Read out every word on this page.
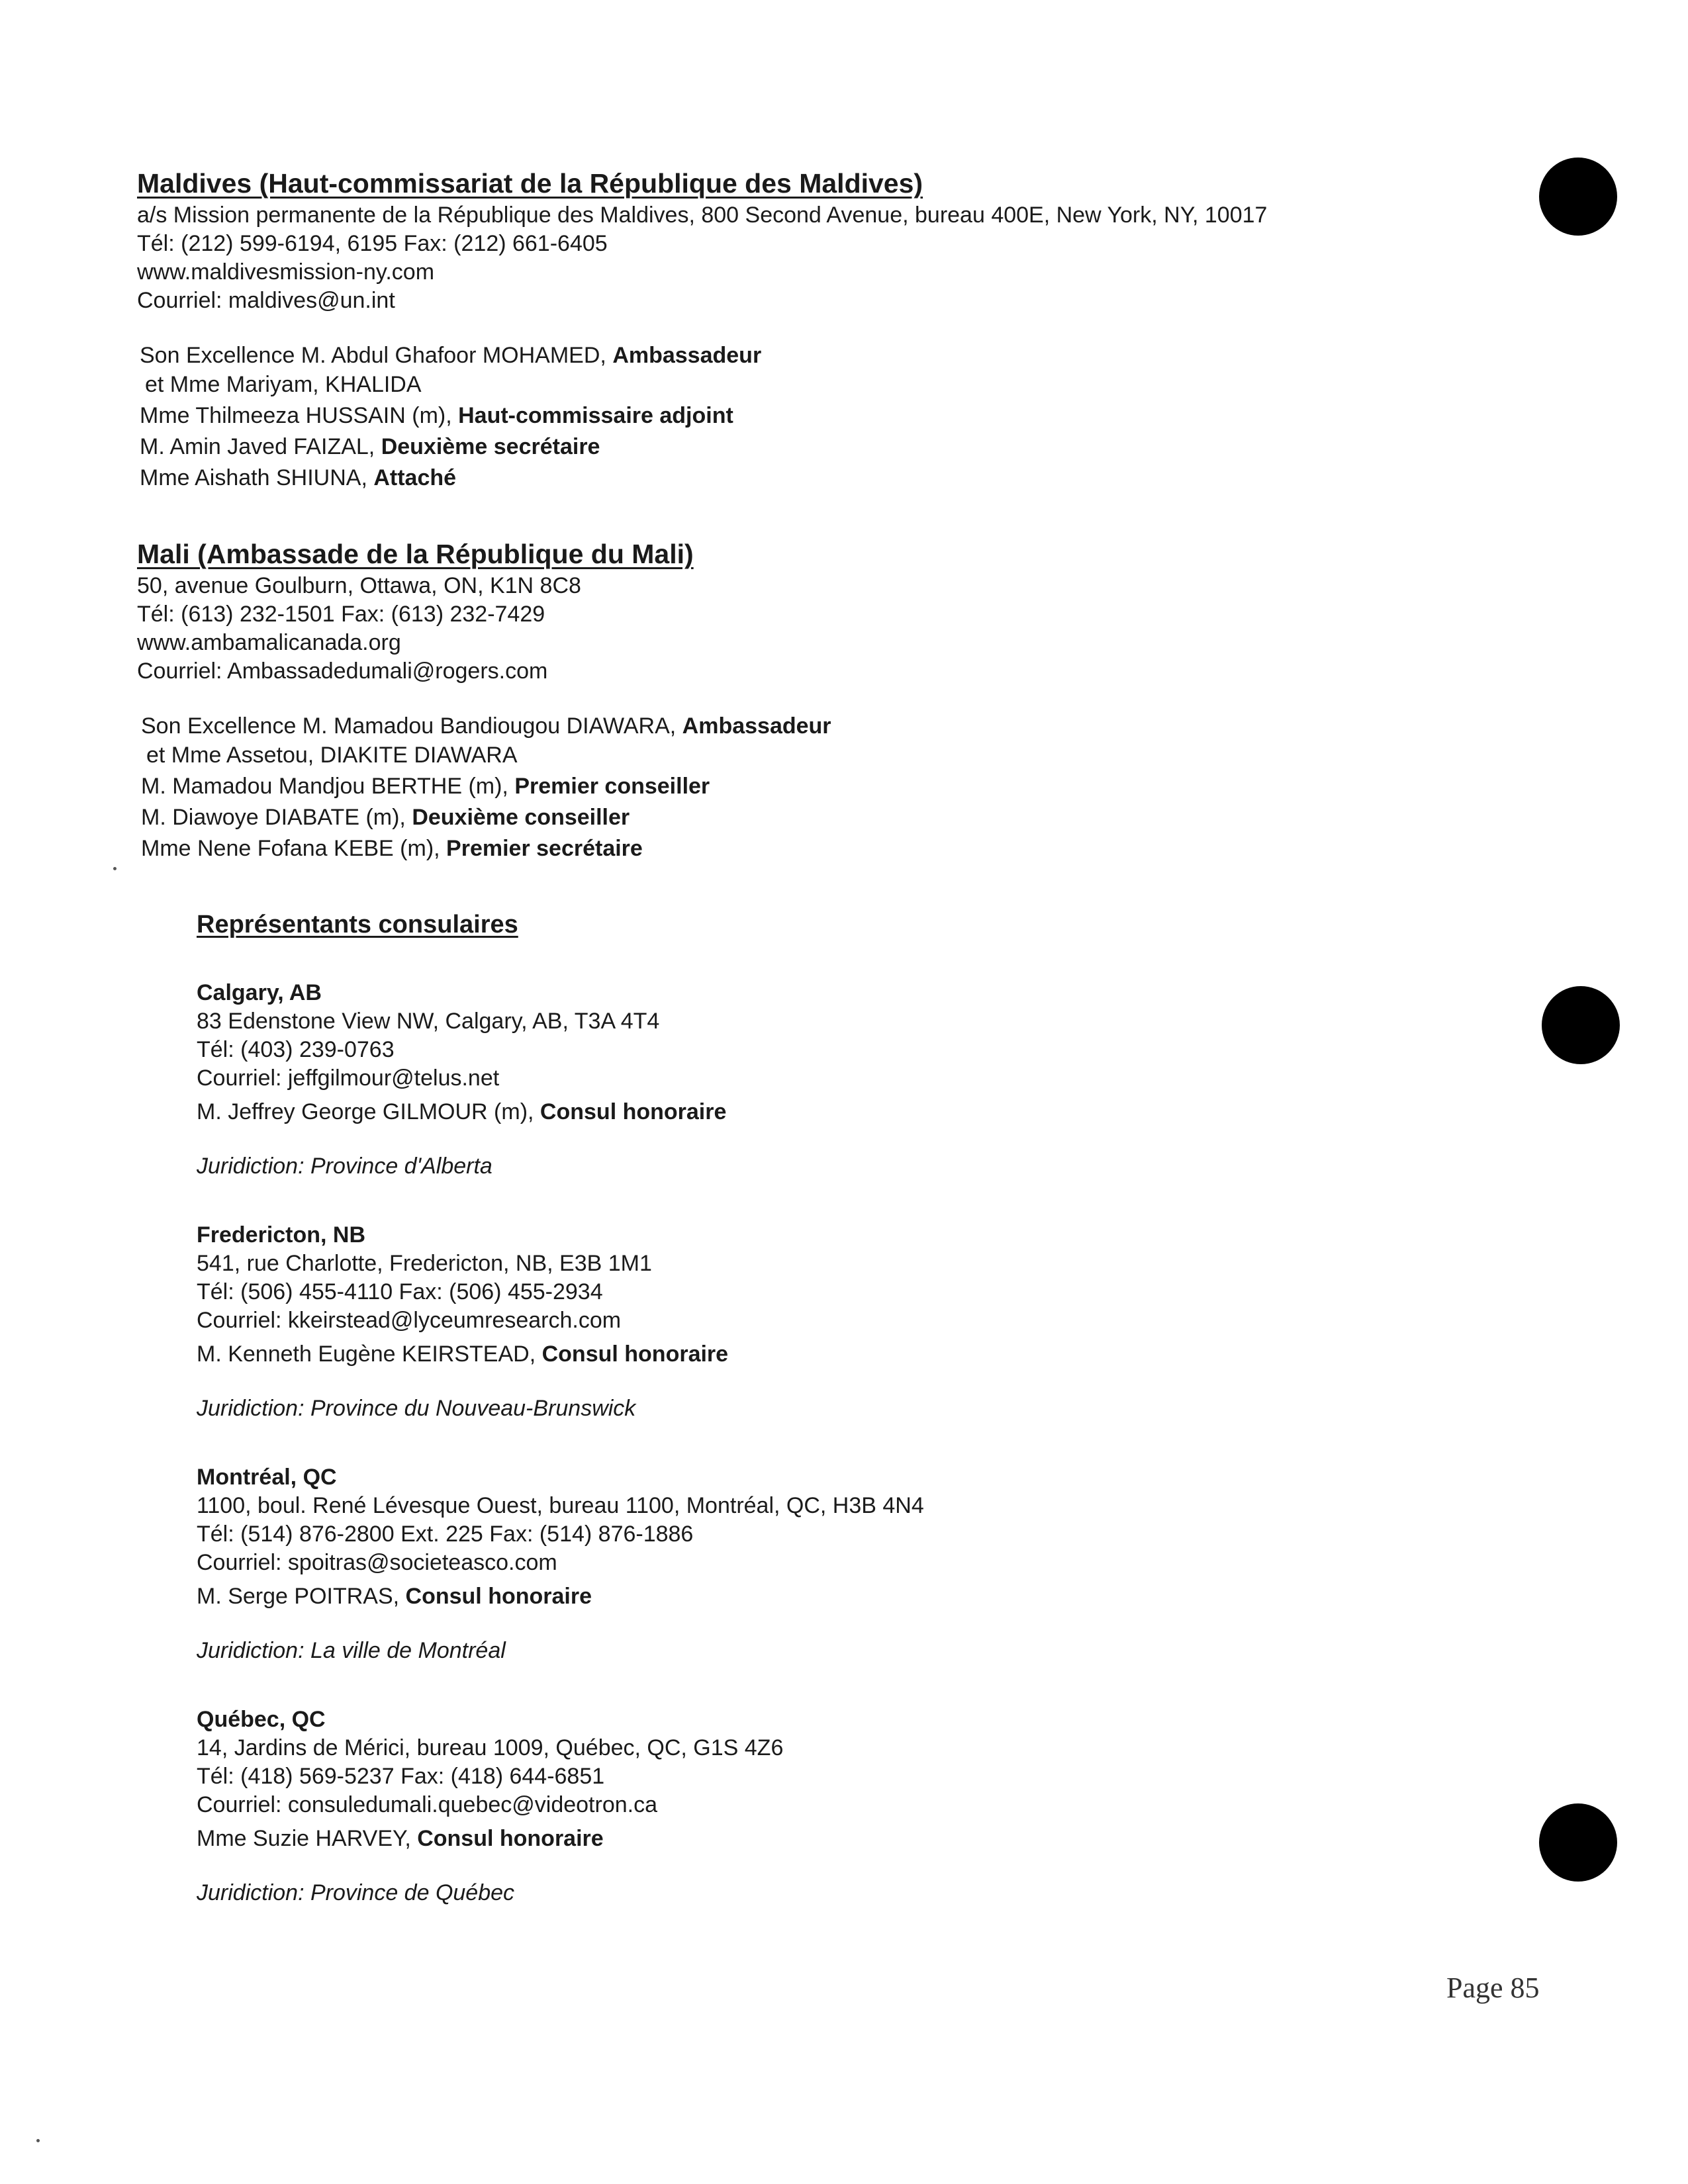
Maldives (Haut-commissariat de la République des Maldives)
a/s Mission permanente de la République des Maldives, 800 Second Avenue, bureau 400E, New York, NY, 10017
Tél: (212) 599-6194, 6195 Fax: (212) 661-6405
www.maldivesmission-ny.com
Courriel: maldives@un.int
Son Excellence M. Abdul Ghafoor MOHAMED, Ambassadeur
et Mme Mariyam, KHALIDA
Mme Thilmeeza HUSSAIN (m), Haut-commissaire adjoint
M. Amin Javed FAIZAL, Deuxième secrétaire
Mme Aishath SHIUNA, Attaché
Mali (Ambassade de la République du Mali)
50, avenue Goulburn, Ottawa, ON, K1N 8C8
Tél: (613) 232-1501 Fax: (613) 232-7429
www.ambamalicanada.org
Courriel: Ambassadedumali@rogers.com
Son Excellence M. Mamadou Bandiougou DIAWARA, Ambassadeur
et Mme Assetou, DIAKITE DIAWARA
M. Mamadou Mandjou BERTHE (m), Premier conseiller
M. Diawoye DIABATE (m), Deuxième conseiller
Mme Nene Fofana KEBE (m), Premier secrétaire
Représentants consulaires
Calgary, AB
83 Edenstone View NW, Calgary, AB, T3A 4T4
Tél: (403) 239-0763
Courriel: jeffgilmour@telus.net
M. Jeffrey George GILMOUR (m), Consul honoraire
Juridiction: Province d'Alberta
Fredericton, NB
541, rue Charlotte, Fredericton, NB, E3B 1M1
Tél: (506) 455-4110 Fax: (506) 455-2934
Courriel: kkeirstead@lyceumresearch.com
M. Kenneth Eugène KEIRSTEAD, Consul honoraire
Juridiction: Province du Nouveau-Brunswick
Montréal, QC
1100, boul. René Lévesque Ouest, bureau 1100, Montréal, QC, H3B 4N4
Tél: (514) 876-2800 Ext. 225 Fax: (514) 876-1886
Courriel: spoitras@societeasco.com
M. Serge POITRAS, Consul honoraire
Juridiction: La ville de Montréal
Québec, QC
14, Jardins de Mérici, bureau 1009, Québec, QC, G1S 4Z6
Tél: (418) 569-5237 Fax: (418) 644-6851
Courriel: consuledumali.quebec@videotron.ca
Mme Suzie HARVEY, Consul honoraire
Juridiction: Province de Québec
Page 85
